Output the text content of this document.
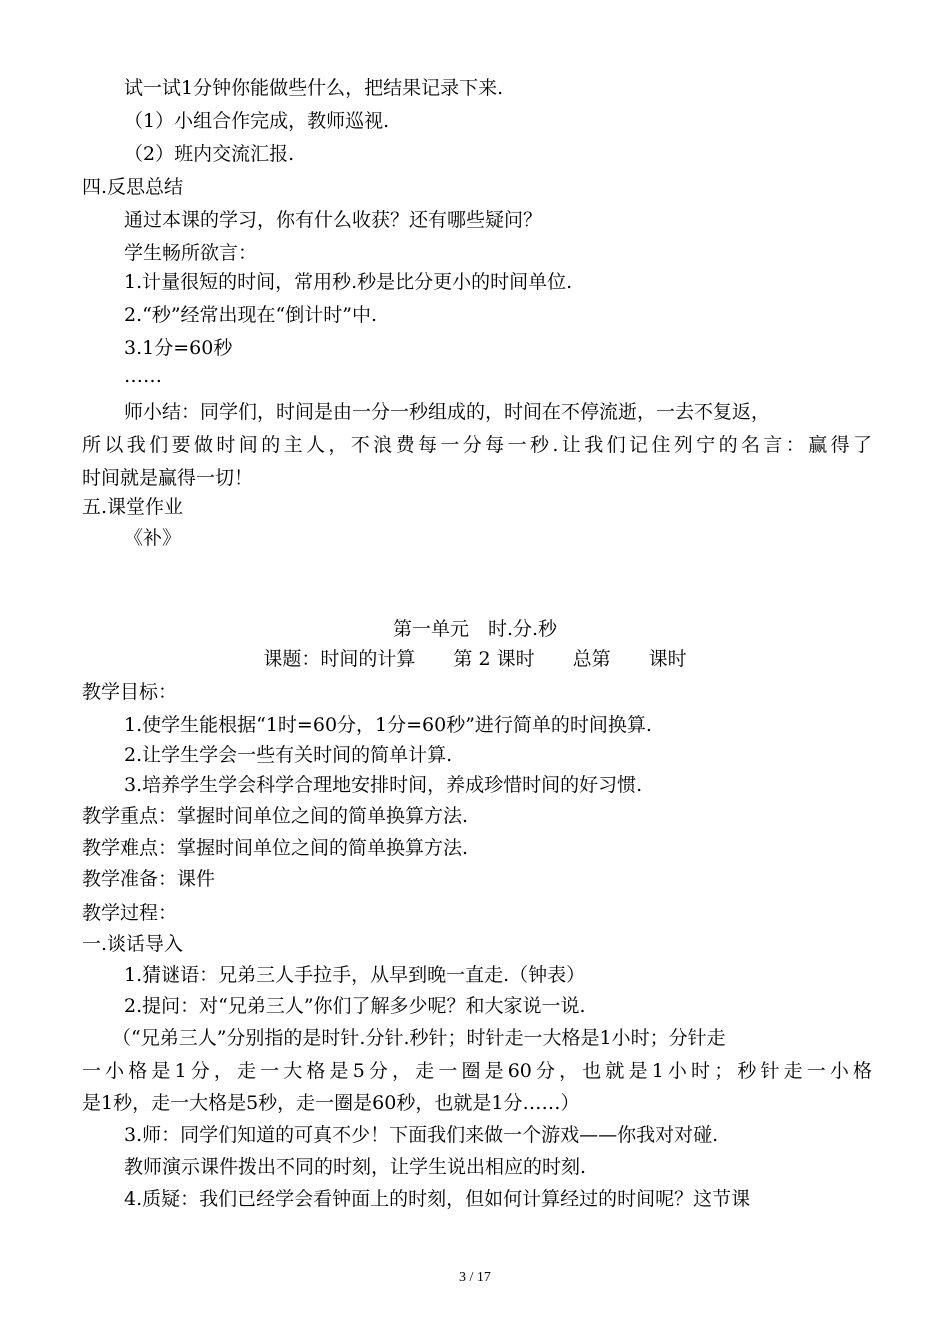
试一试1分钟你能做些什么，把结果记录下来.
（1）小组合作完成，教师巡视.
（2）班内交流汇报.
四.反思总结
通过本课的学习，你有什么收获？还有哪些疑问？
学生畅所欲言：
1.计量很短的时间，常用秒.秒是比分更小的时间单位.
2.“秒”经常出现在“倒计时”中.
3.1分=60秒
……
师小结：同学们，时间是由一分一秒组成的，时间在不停流逝，一去不复返，
所以我们要做时间的主人，不浪费每一分每一秒.让我们记住列宁的名言：赢得了
时间就是赢得一切！
五.课堂作业
《补》
第一单元　时.分.秒
课题：时间的计算　　第 2 课时　　总第　　课时
教学目标：
1.使学生能根据“1时=60分，1分=60秒”进行简单的时间换算.
2.让学生学会一些有关时间的简单计算.
3.培养学生学会科学合理地安排时间，养成珍惜时间的好习惯.
教学重点：掌握时间单位之间的简单换算方法.
教学难点：掌握时间单位之间的简单换算方法.
教学准备：课件
教学过程：
一.谈话导入
1.猜谜语：兄弟三人手拉手，从早到晚一直走.（钟表）
2.提问：对“兄弟三人”你们了解多少呢？和大家说一说.
（“兄弟三人”分别指的是时针.分针.秒针；时针走一大格是1小时；分针走
一小格是1分，走一大格是5分，走一圈是60分，也就是1小时；秒针走一小格
是1秒，走一大格是5秒，走一圈是60秒，也就是1分……）
3.师：同学们知道的可真不少！下面我们来做一个游戏——你我对对碰.
教师演示课件拨出不同的时刻，让学生说出相应的时刻.
4.质疑：我们已经学会看钟面上的时刻，但如何计算经过的时间呢？这节课
3 / 17
